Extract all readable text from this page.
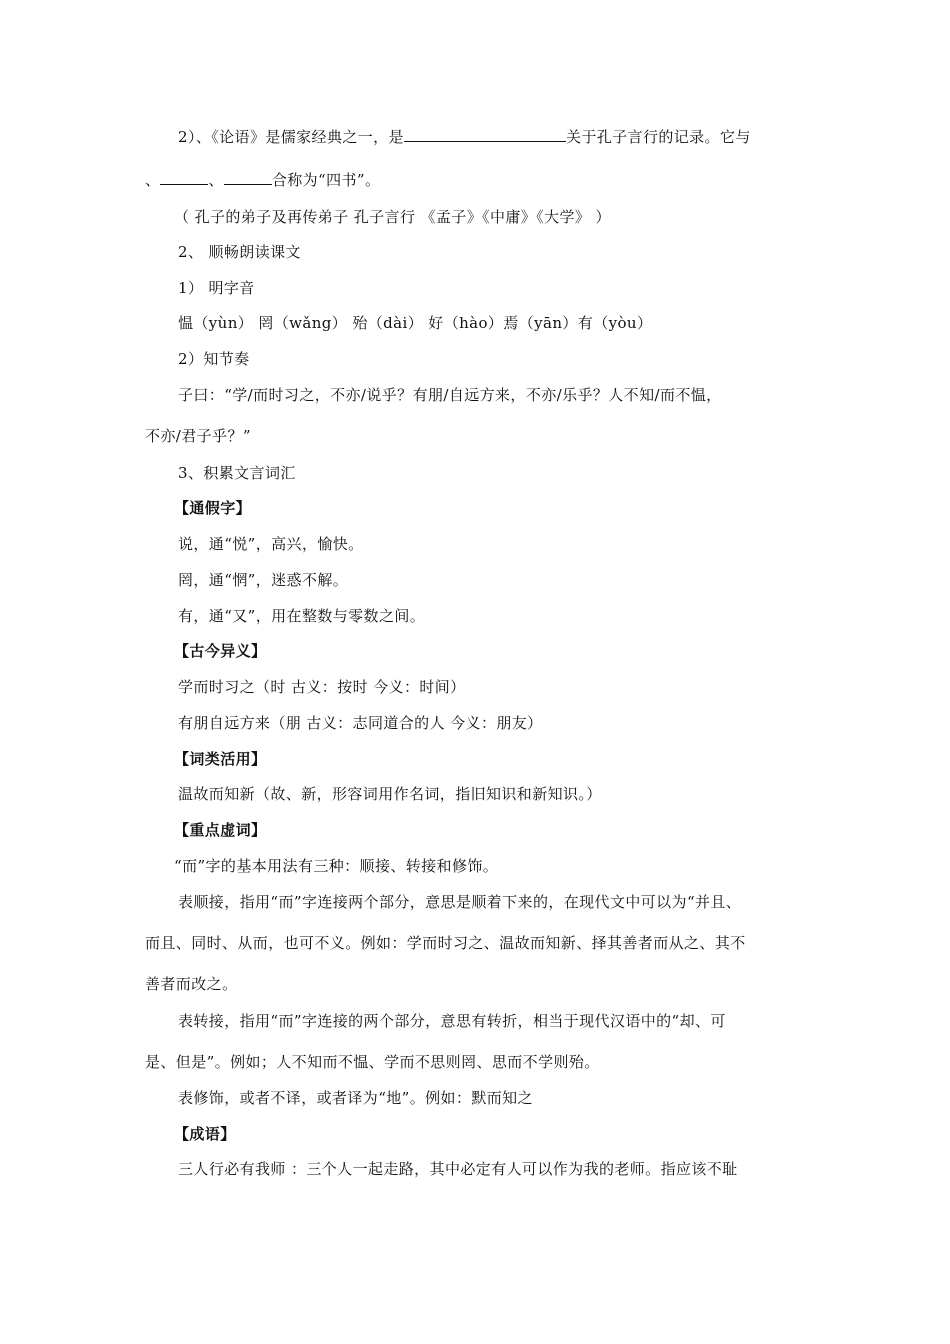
2）、《论语》是儒家经典之一，是	关于孔子言行的记录。它与
、	、	合称为“四书”。
（ 孔子的弟子及再传弟子 孔子言行 《孟子》《中庸》《大学》 ）
2、 顺畅朗读课文
1） 明字音
愠（yùn） 罔（wǎng） 殆（dài） 好（hào）焉（yān）有（yòu）
2）知节奏
子曰：“学/而时习之，不亦/说乎？有朋/自远方来，不亦/乐乎？人不知/而不愠，
不亦/君子乎？”
3、积累文言词汇
【通假字】
说，通“悦”，高兴，愉快。
罔，通“惘”，迷惑不解。
有，通“又”，用在整数与零数之间。
【古今异义】
学而时习之（时 古义：按时 今义：时间）
有朋自远方来（朋 古义：志同道合的人 今义：朋友）
【词类活用】
温故而知新（故、新，形容词用作名词，指旧知识和新知识。）
【重点虚词】
“而”字的基本用法有三种：顺接、转接和修饰。
表顺接，指用“而”字连接两个部分，意思是顺着下来的，在现代文中可以为“并且、
而且、同时、从而，也可不义。例如：学而时习之、温故而知新、择其善者而从之、其不
善者而改之。
表转接，指用“而”字连接的两个部分，意思有转折，相当于现代汉语中的“却、可
是、但是”。例如；人不知而不愠、学而不思则罔、思而不学则殆。
表修饰，或者不译，或者译为“地”。例如：默而知之
【成语】
三人行必有我师 ：三个人一起走路，其中必定有人可以作为我的老师。指应该不耻
